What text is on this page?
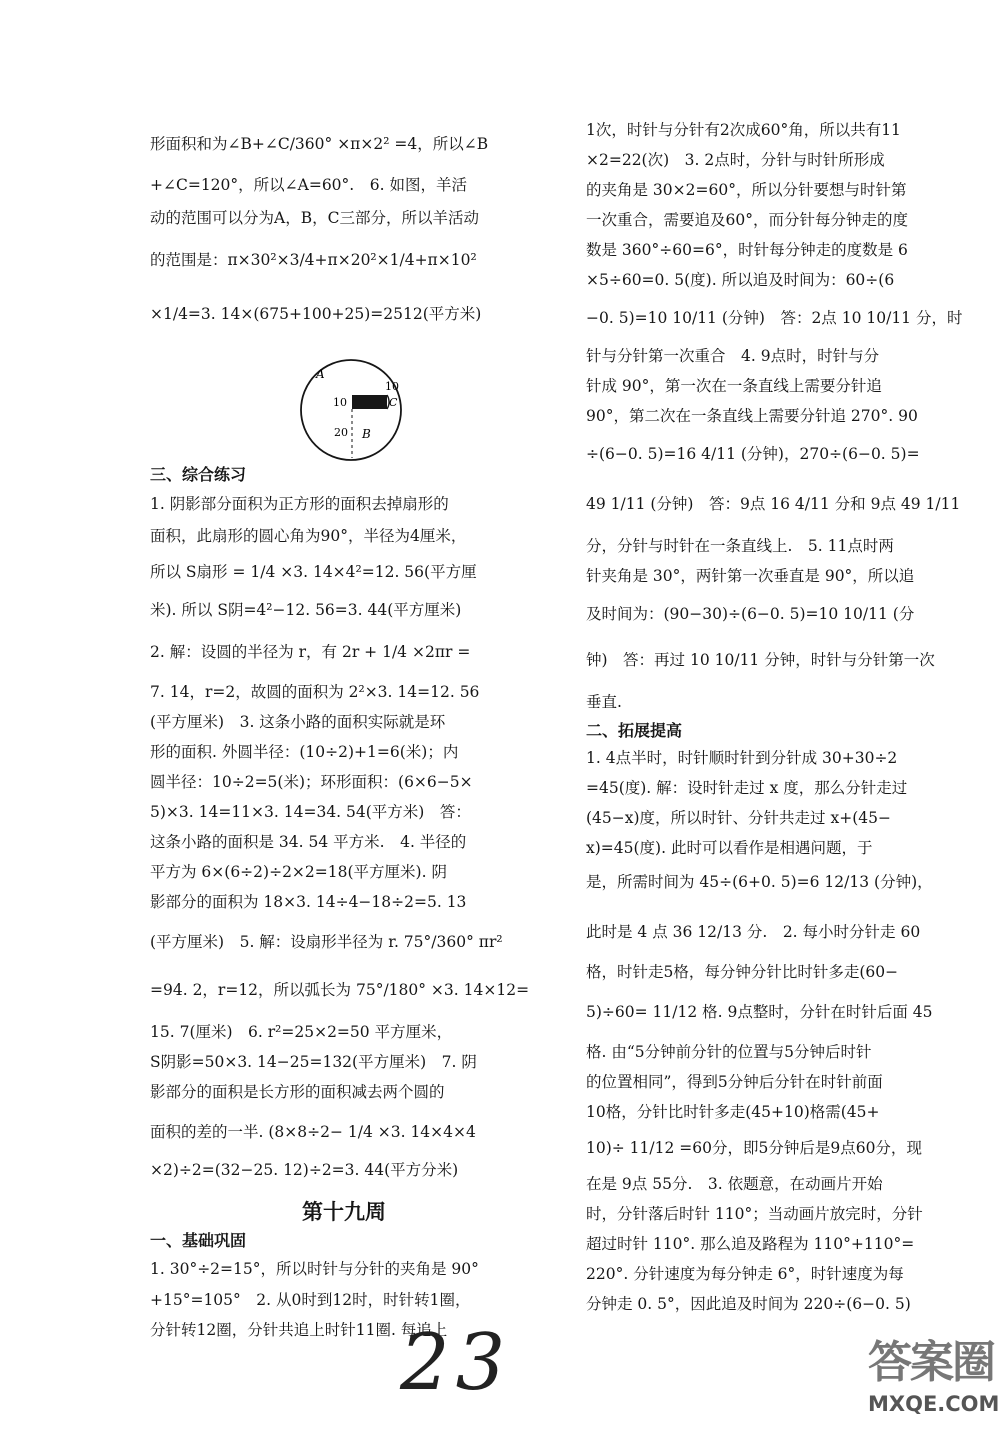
形面积和为∠B+∠C/360° ×π×2² =4，所以∠B
+∠C=120°，所以∠A=60°.　6. 如图，羊活
动的范围可以分为A，B，C三部分，所以羊活动
的范围是：π×30²×3/4+π×20²×1/4+π×10²
×1/4=3. 14×(675+100+25)=2512(平方米)
三、综合练习
1. 阴影部分面积为正方形的面积去掉扇形的
面积，此扇形的圆心角为90°，半径为4厘米，
所以 S扇形 = 1/4 ×3. 14×4²=12. 56(平方厘
米). 所以 S阴=4²−12. 56=3. 44(平方厘米)
2. 解：设圆的半径为 r，有 2r + 1/4 ×2πr =
7. 14，r=2，故圆的面积为 2²×3. 14=12. 56
(平方厘米)　3. 这条小路的面积实际就是环
形的面积. 外圆半径：(10÷2)+1=6(米)；内
圆半径：10÷2=5(米)；环形面积：(6×6−5×
5)×3. 14=11×3. 14=34. 54(平方米)　答：
这条小路的面积是 34. 54 平方米.　4. 半径的
平方为 6×(6÷2)÷2×2=18(平方厘米). 阴
影部分的面积为 18×3. 14÷4−18÷2=5. 13
(平方厘米)　5. 解：设扇形半径为 r. 75°/360° πr²
=94. 2，r=12，所以弧长为 75°/180° ×3. 14×12=
15. 7(厘米)　6. r²=25×2=50 平方厘米，
S阴影=50×3. 14−25=132(平方厘米)　7. 阴
影部分的面积是长方形的面积减去两个圆的
面积的差的一半. (8×8÷2− 1/4 ×3. 14×4×4
×2)÷2=(32−25. 12)÷2=3. 44(平方分米)
第十九周
一、基础巩固
1. 30°÷2=15°，所以时针与分针的夹角是 90°
+15°=105°　2. 从0时到12时，时针转1圈，
分针转12圈，分针共追上时针11圈. 每追上
A
B
C
10
10
20
1次，时针与分针有2次成60°角，所以共有11
×2=22(次)　3. 2点时，分针与时针所形成
的夹角是 30×2=60°，所以分针要想与时针第
一次重合，需要追及60°，而分针每分钟走的度
数是 360°÷60=6°，时针每分钟走的度数是 6
×5÷60=0. 5(度). 所以追及时间为：60÷(6
−0. 5)=10 10/11 (分钟)　答：2点 10 10/11 分，时
针与分针第一次重合　4. 9点时，时针与分
针成 90°，第一次在一条直线上需要分针追
90°，第二次在一条直线上需要分针追 270°. 90
÷(6−0. 5)=16 4/11 (分钟)，270÷(6−0. 5)=
49 1/11 (分钟)　答：9点 16 4/11 分和 9点 49 1/11
分，分针与时针在一条直线上.　5. 11点时两
针夹角是 30°，两针第一次垂直是 90°，所以追
及时间为：(90−30)÷(6−0. 5)=10 10/11 (分
钟)　答：再过 10 10/11 分钟，时针与分针第一次
垂直.
二、拓展提高
1. 4点半时，时针顺时针到分针成 30+30÷2
=45(度). 解：设时针走过 x 度，那么分针走过
(45−x)度，所以时针、分针共走过 x+(45−
x)=45(度). 此时可以看作是相遇问题，于
是，所需时间为 45÷(6+0. 5)=6 12/13 (分钟)，
此时是 4 点 36 12/13 分.　2. 每小时分针走 60
格，时针走5格，每分钟分针比时针多走(60−
5)÷60= 11/12 格. 9点整时，分针在时针后面 45
格. 由“5分钟前分针的位置与5分钟后时针
的位置相同”，得到5分钟后分针在时针前面
10格，分针比时针多走(45+10)格需(45+
10)÷ 11/12 =60分，即5分钟后是9点60分，现
在是 9点 55分.　3. 依题意，在动画片开始
时，分针落后时针 110°；当动画片放完时，分针
超过时针 110°. 那么追及路程为 110°+110°=
220°. 分针速度为每分钟走 6°，时针速度为每
分钟走 0. 5°，因此追及时间为 220÷(6−0. 5)
23	答案圈
MXQE.COM
